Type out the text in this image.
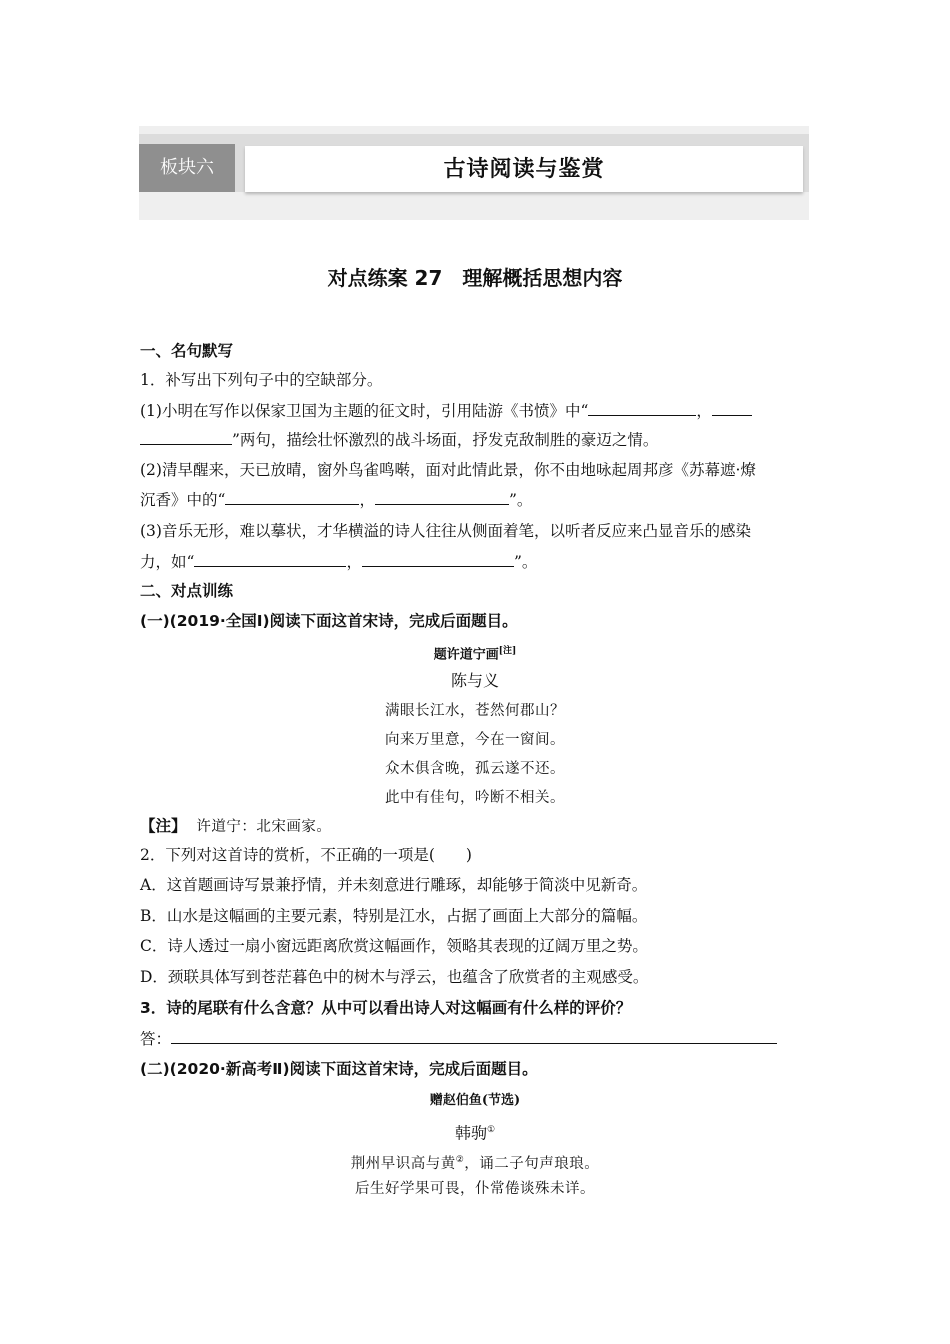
板块六	古诗阅读与鉴赏
对点练案 27　理解概括思想内容
一、名句默写
1．补写出下列句子中的空缺部分。
(1)小明在写作以保家卫国为主题的征文时，引用陆游《书愤》中“	，
”两句，描绘壮怀激烈的战斗场面，抒发克敌制胜的豪迈之情。
(2)清早醒来，天已放晴，窗外鸟雀鸣啭，面对此情此景，你不由地咏起周邦彦《苏幕遮·燎
沉香》中的“	，	”。
(3)音乐无形，难以摹状，才华横溢的诗人往往从侧面着笔，以听者反应来凸显音乐的感染
力，如“	，	”。
二、对点训练
(一)(2019·全国Ⅰ)阅读下面这首宋诗，完成后面题目。
题许道宁画[注]
陈与义
满眼长江水，苍然何郡山？
向来万里意，今在一窗间。
众木俱含晚，孤云遂不还。
此中有佳句，吟断不相关。
【注】 许道宁：北宋画家。
2．下列对这首诗的赏析，不正确的一项是(　　)
A．这首题画诗写景兼抒情，并未刻意进行雕琢，却能够于简淡中见新奇。
B．山水是这幅画的主要元素，特别是江水，占据了画面上大部分的篇幅。
C．诗人透过一扇小窗远距离欣赏这幅画作，领略其表现的辽阔万里之势。
D．颈联具体写到苍茫暮色中的树木与浮云，也蕴含了欣赏者的主观感受。
3．诗的尾联有什么含意？从中可以看出诗人对这幅画有什么样的评价？
答：
(二)(2020·新高考Ⅱ)阅读下面这首宋诗，完成后面题目。
赠赵伯鱼(节选)
韩驹①
荆州早识高与黄②，诵二子句声琅琅。
后生好学果可畏，仆常倦谈殊未详。
